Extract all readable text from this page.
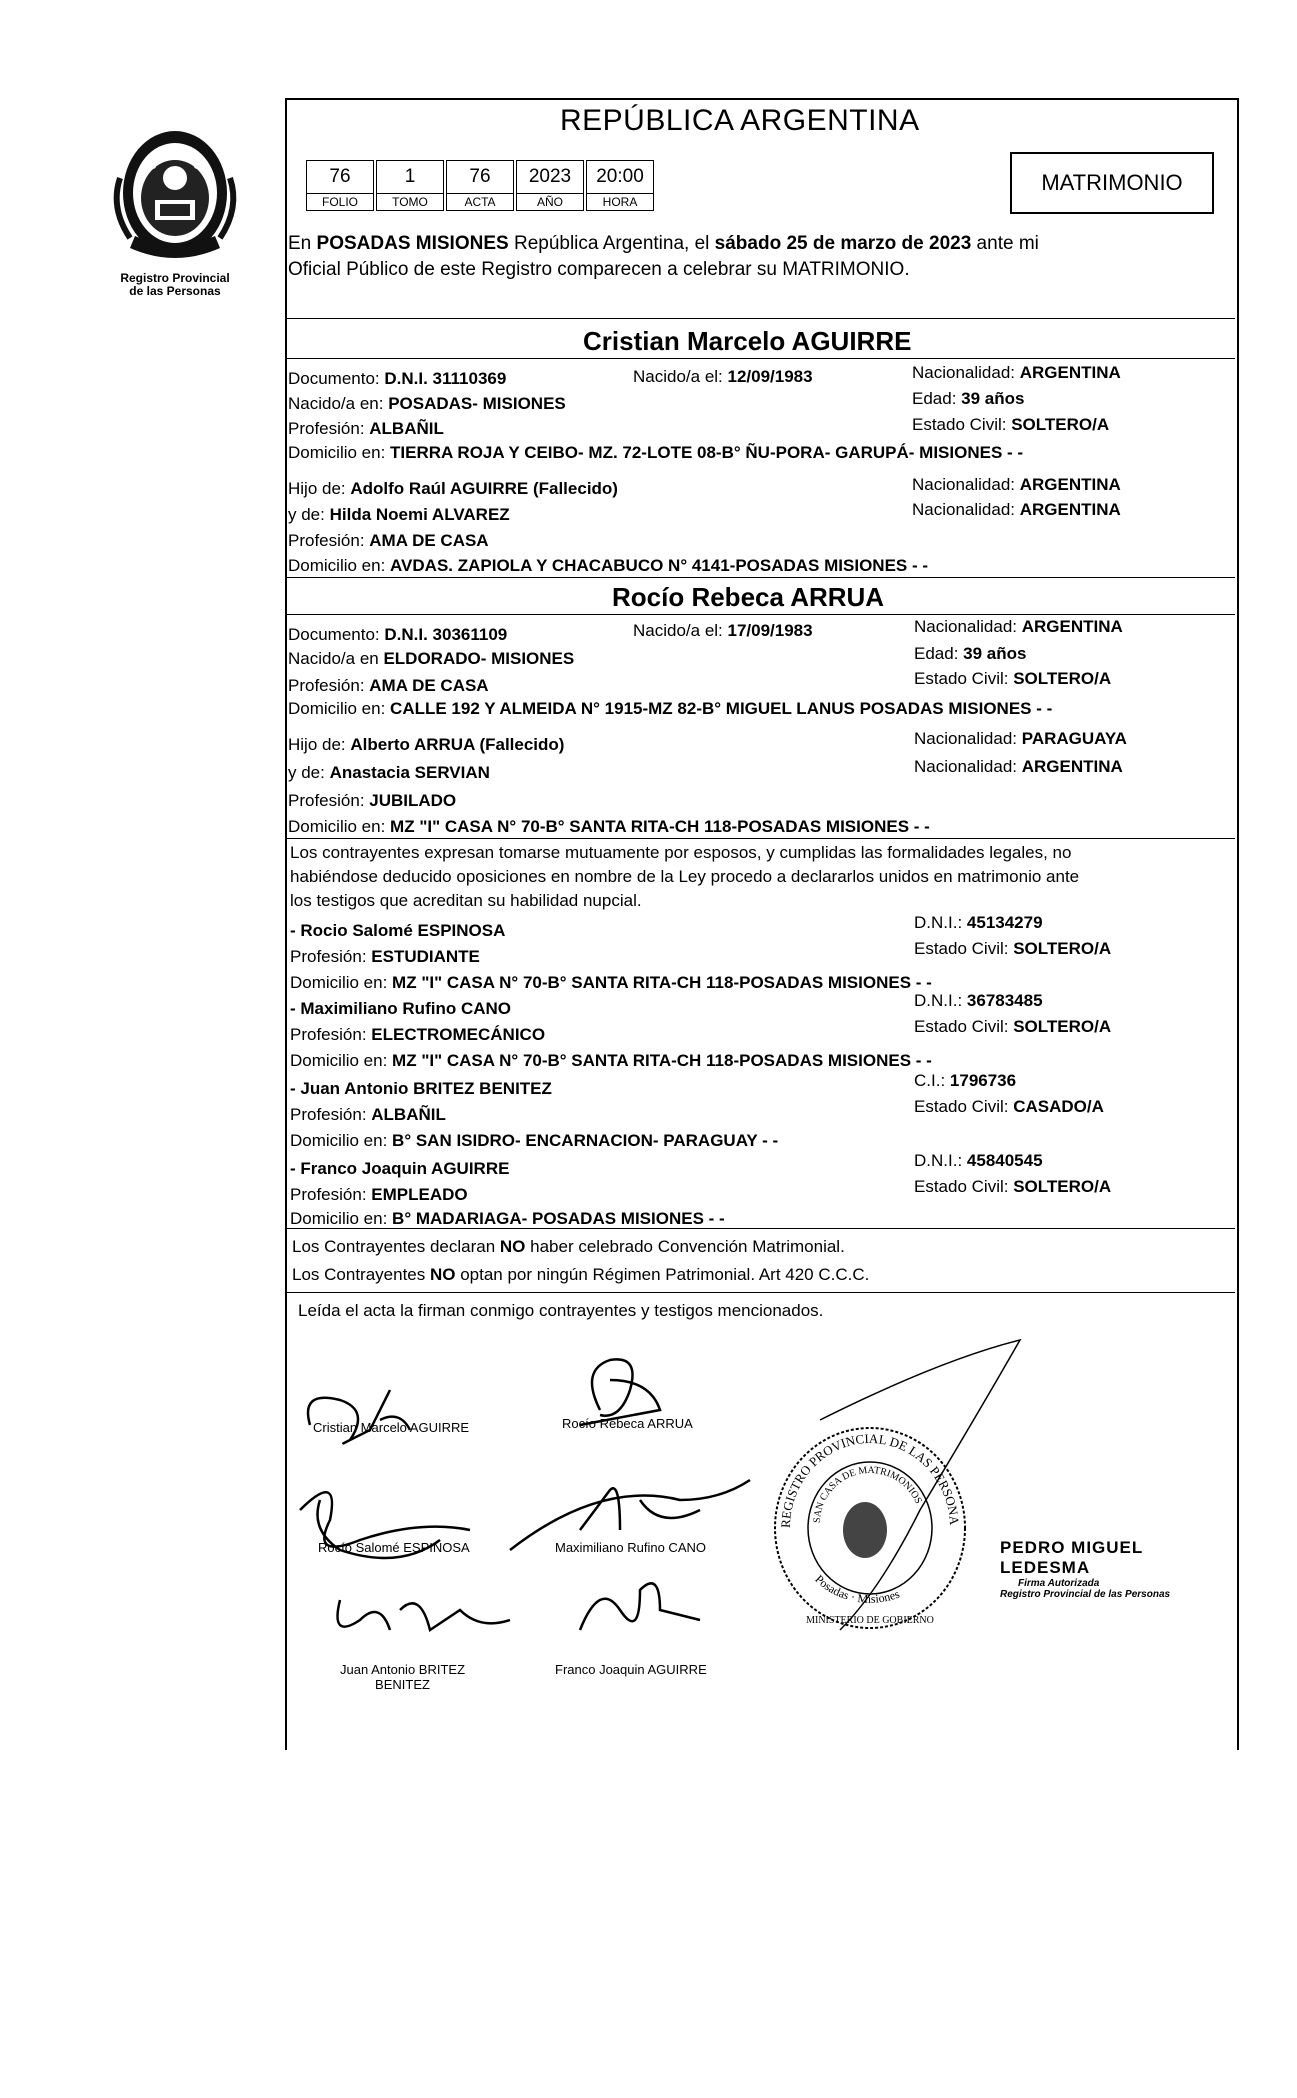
Registro Provincial
de las Personas
REPÚBLICA ARGENTINA
76
FOLIO
1
TOMO
76
ACTA
2023
AÑO
20:00
HORA
MATRIMONIO
En POSADAS MISIONES República Argentina, el sábado 25 de marzo de 2023 ante mi
Oficial Público de este Registro comparecen a celebrar su MATRIMONIO.
Cristian Marcelo AGUIRRE
Documento: D.N.I. 31110369	Nacido/a el: 12/09/1983	Nacionalidad: ARGENTINA
Nacido/a en: POSADAS- MISIONES	Edad: 39 años
Profesión: ALBAÑIL	Estado Civil: SOLTERO/A
Domicilio en: TIERRA ROJA Y CEIBO- MZ. 72-LOTE 08-B° ÑU-PORA- GARUPÁ- MISIONES - -
Hijo de: Adolfo Raúl AGUIRRE (Fallecido)	Nacionalidad: ARGENTINA
y de: Hilda Noemi ALVAREZ	Nacionalidad: ARGENTINA
Profesión: AMA DE CASA
Domicilio en: AVDAS. ZAPIOLA Y CHACABUCO N° 4141-POSADAS MISIONES - -
Rocío Rebeca ARRUA
Documento: D.N.I. 30361109	Nacido/a el: 17/09/1983	Nacionalidad: ARGENTINA
Nacido/a en ELDORADO- MISIONES	Edad: 39 años
Profesión: AMA DE CASA	Estado Civil: SOLTERO/A
Domicilio en: CALLE 192 Y ALMEIDA N° 1915-MZ 82-B° MIGUEL LANUS POSADAS MISIONES - -
Hijo de: Alberto ARRUA (Fallecido)	Nacionalidad: PARAGUAYA
y de: Anastacia SERVIAN	Nacionalidad: ARGENTINA
Profesión: JUBILADO
Domicilio en: MZ "I" CASA N° 70-B° SANTA RITA-CH 118-POSADAS MISIONES - -
Los contrayentes expresan tomarse mutuamente por esposos, y cumplidas las formalidades legales, no
habiéndose deducido oposiciones en nombre de la Ley procedo a declararlos unidos en matrimonio ante
los testigos que acreditan su habilidad nupcial.
- Rocio Salomé ESPINOSA	D.N.I.: 45134279
Profesión: ESTUDIANTE	Estado Civil: SOLTERO/A
Domicilio en: MZ "I" CASA N° 70-B° SANTA RITA-CH 118-POSADAS MISIONES - -
- Maximiliano Rufino CANO	D.N.I.: 36783485
Profesión: ELECTROMECÁNICO	Estado Civil: SOLTERO/A
Domicilio en: MZ "I" CASA N° 70-B° SANTA RITA-CH 118-POSADAS MISIONES - -
- Juan Antonio BRITEZ BENITEZ	C.I.: 1796736
Profesión: ALBAÑIL	Estado Civil: CASADO/A
Domicilio en: B° SAN ISIDRO- ENCARNACION- PARAGUAY - -
- Franco Joaquin AGUIRRE	D.N.I.: 45840545
Profesión: EMPLEADO	Estado Civil: SOLTERO/A
Domicilio en: B° MADARIAGA- POSADAS MISIONES - -
Los Contrayentes declaran NO haber celebrado Convención Matrimonial.
Los Contrayentes NO optan por ningún Régimen Patrimonial. Art 420 C.C.C.
Leída el acta la firman conmigo contrayentes y testigos mencionados.
Cristian Marcelo AGUIRRE	Rocío Rebeca ARRUA
Rocío Salomé ESPINOSA	Maximiliano Rufino CANO
Juan Antonio BRITEZ
BENITEZ
Franco Joaquin AGUIRRE
REGISTRO PROVINCIAL DE LAS PERSONA
SAN CASA DE MATRIMONIOS
Posadas · Misiones
MINISTERIO DE GOBIERNO
PEDRO MIGUEL LEDESMA
Firma Autorizada
Registro Provincial de las Personas
